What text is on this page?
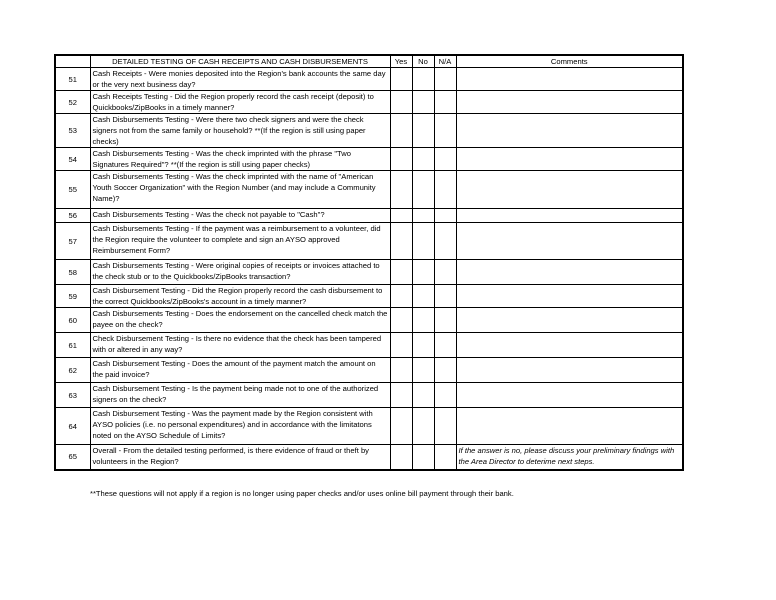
	DETAILED TESTING OF CASH RECEIPTS AND CASH DISBURSEMENTS	Yes	No	N/A	Comments
51	Cash Receipts - Were monies deposited into the Region's bank accounts the same day or the very next business day?				
52	Cash Receipts Testing - Did the Region properly record the cash receipt (deposit) to Quickbooks/ZipBooks in a timely manner?				
53	Cash Disbursements Testing - Were there two check signers and were the check signers not from the same family or household? **(If the region is still using paper checks)				
54	Cash Disbursements Testing - Was the check imprinted with the phrase "Two Signatures Required"? **(If the region is still using paper checks)				
55	Cash Disbursements Testing - Was the check imprinted with the name of "American Youth Soccer Organization" with the Region Number (and may include a Community Name)?				
56	Cash Disbursements Testing - Was the check not payable to "Cash"?				
57	Cash Disbursements Testing - If the payment was a reimbursement to a volunteer, did the Region require the volunteer to complete and sign an AYSO approved Reimbursement Form?				
58	Cash Disbursements Testing - Were original copies of receipts or invoices attached to the check stub or to the Quickbooks/ZipBooks transaction?				
59	Cash Disbursement Testing - Did the Region properly record the cash disbursement to the correct Quickbooks/ZipBooks's account in a timely manner?				
60	Cash Disbursements Testing - Does the endorsement on the cancelled check match the payee on the check?				
61	Check Disbursement Testing - Is there no evidence that the check has been tampered with or altered in any way?				
62	Cash Disbursement Testing - Does the amount of the payment match the amount on the paid invoice?				
63	Cash Disbursement Testing - Is the payment being made not to one of the authorized signers on the check?				
64	Cash Disbursement Testing - Was the payment made by the Region consistent with AYSO policies (i.e. no personal expenditures) and in accordance with the limitatons noted on the AYSO Schedule of Limits?				
65	Overall - From the detailed testing performed, is there evidence of fraud or theft by volunteers in the Region?				If the answer is no, please discuss your preliminary findings with the Area Director to deterime next steps.
**These questions will not apply if a region is no longer using paper checks and/or uses online bill payment through their bank.
